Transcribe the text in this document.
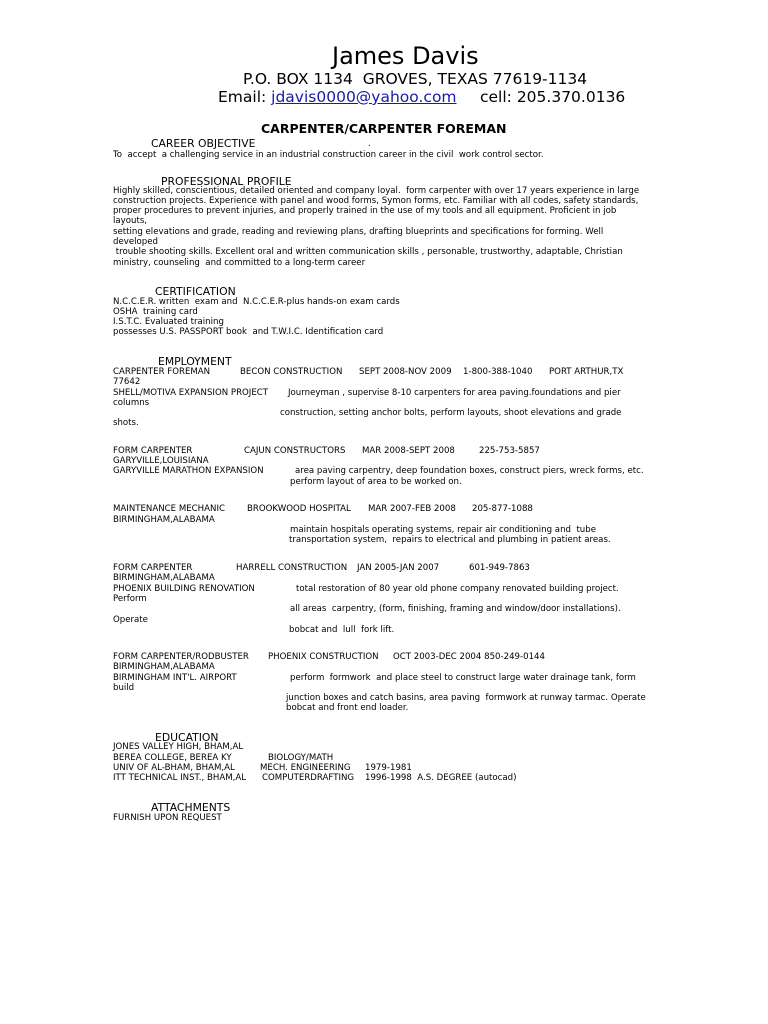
James Davis
P.O. BOX 1134  GROVES, TEXAS 77619-1134
Email: jdavis0000@yahoo.com cell: 205.370.0136
CARPENTER/CARPENTER FOREMAN
CAREER OBJECTIVE	.
To  accept  a challenging service in an industrial construction career in the civil  work control sector.
PROFESSIONAL PROFILE
Highly skilled, conscientious, detailed oriented and company loyal.  form carpenter with over 17 years experience in large
construction projects. Experience with panel and wood forms, Symon forms, etc. Familiar with all codes, safety standards,
proper procedures to prevent injuries, and properly trained in the use of my tools and all equipment. Proficient in job
layouts,
setting elevations and grade, reading and reviewing plans, drafting blueprints and specifications for forming. Well
developed
trouble shooting skills. Excellent oral and written communication skills , personable, trustworthy, adaptable, Christian
ministry, counseling  and committed to a long-term career
CERTIFICATION
N.C.C.E.R. written  exam and  N.C.C.E.R-plus hands-on exam cards
OSHA  training card
I.S.T.C. Evaluated training
possesses U.S. PASSPORT book  and T.W.I.C. Identification card
EMPLOYMENT
CARPENTER FOREMAN	BECON CONSTRUCTION SEPT 2008-NOV 2009 1-800-388-1040 PORT ARTHUR,TX
77642
SHELL/MOTIVA EXPANSION PROJECT Journeyman , supervise 8-10 carpenters for area paving.foundations and pier
columns
construction, setting anchor bolts, perform layouts, shoot elevations and grade
shots.
FORM CARPENTER	CAJUN CONSTRUCTORS MAR 2008-SEPT 2008	225-753-5857
GARYVILLE,LOUISIANA
GARYVILLE MARATHON EXPANSION	area paving carpentry, deep foundation boxes, construct piers, wreck forms, etc.
perform layout of area to be worked on.
MAINTENANCE MECHANIC	BROOKWOOD HOSPITAL MAR 2007-FEB 2008 205-877-1088
BIRMINGHAM,ALABAMA
maintain hospitals operating systems, repair air conditioning and  tube
transportation system,  repairs to electrical and plumbing in patient areas.
FORM CARPENTER	HARRELL CONSTRUCTION JAN 2005-JAN 2007	601-949-7863
BIRMINGHAM,ALABAMA
PHOENIX BUILDING RENOVATION	total restoration of 80 year old phone company renovated building project.
Perform
all areas  carpentry, (form, finishing, framing and window/door installations).
Operate
bobcat and  lull  fork lift.
FORM CARPENTER/RODBUSTER PHOENIX CONSTRUCTION OCT 2003-DEC 2004 850-249-0144
BIRMINGHAM,ALABAMA
BIRMINGHAM INT'L. AIRPORT	perform  formwork  and place steel to construct large water drainage tank, form
build
junction boxes and catch basins, area paving  formwork at runway tarmac. Operate
bobcat and front end loader.
EDUCATION
JONES VALLEY HIGH, BHAM,AL
BEREA COLLEGE, BEREA KY	BIOLOGY/MATH
UNIV OF AL-BHAM, BHAM,AL	MECH. ENGINEERING 1979-1981
ITT TECHNICAL INST., BHAM,AL COMPUTERDRAFTING 1996-1998  A.S. DEGREE (autocad)
ATTACHMENTS
FURNISH UPON REQUEST
